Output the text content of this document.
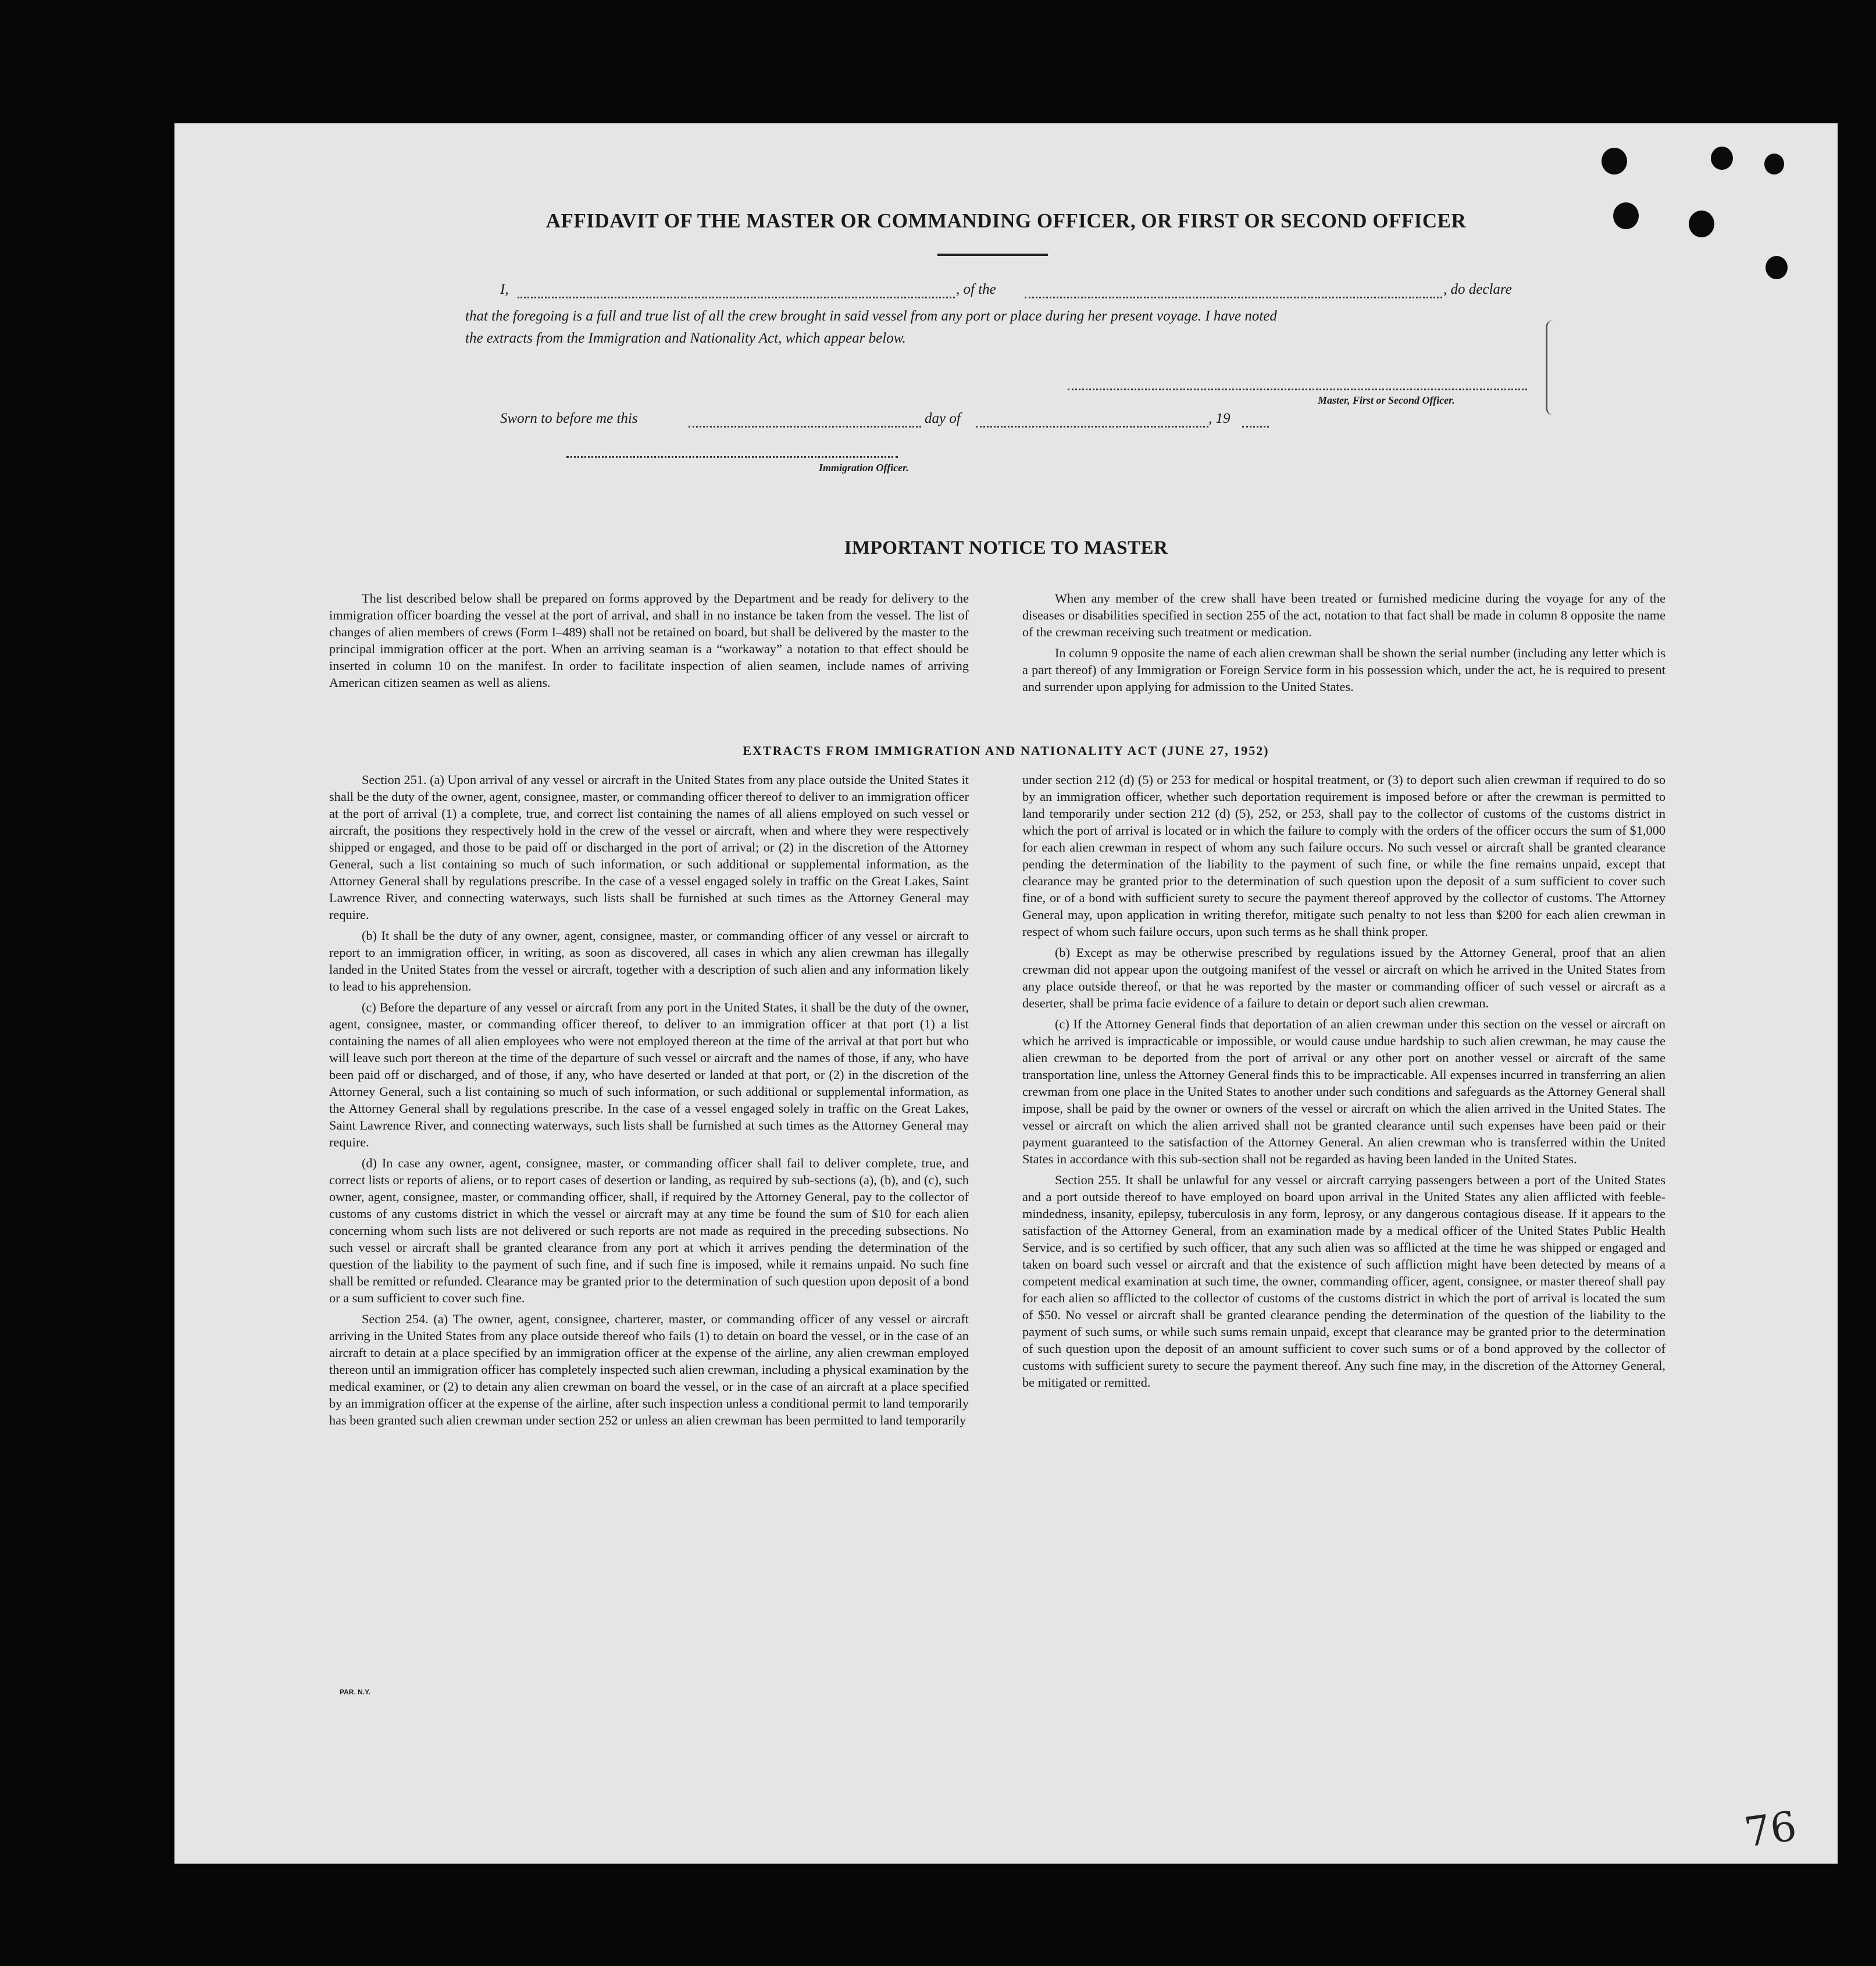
AFFIDAVIT OF THE MASTER OR COMMANDING OFFICER, OR FIRST OR SECOND OFFICER
I,	, of the	, do declare
that the foregoing is a full and true list of all the crew brought in said vessel from any port or place during her present voyage. I have noted
the extracts from the Immigration and Nationality Act, which appear below.
Master, First or Second Officer.
Sworn to before me this	day of	, 19
Immigration Officer.
IMPORTANT NOTICE TO MASTER

The list described below shall be prepared on forms approved by the Department and be ready for delivery to the immigration officer boarding the vessel at the port of arrival, and shall in no instance be taken from the vessel. The list of changes of alien members of crews (Form I–489) shall not be retained on board, but shall be delivered by the master to the principal immigration officer at the port. When an arriving seaman is a “workaway” a notation to that effect should be inserted in column 10 on the manifest. In order to facilitate inspection of alien seamen, include names of arriving American citizen seamen as well as aliens.

When any member of the crew shall have been treated or furnished medicine during the voyage for any of the diseases or disabilities specified in section 255 of the act, notation to that fact shall be made in column 8 opposite the name of the crewman receiving such treatment or medication.

In column 9 opposite the name of each alien crewman shall be shown the serial number (including any letter which is a part thereof) of any Immigration or Foreign Service form in his possession which, under the act, he is required to present and surrender upon applying for admission to the United States.

EXTRACTS FROM IMMIGRATION AND NATIONALITY ACT (JUNE 27, 1952)

Section 251. (a) Upon arrival of any vessel or aircraft in the United States from any place outside the United States it shall be the duty of the owner, agent, consignee, master, or commanding officer thereof to deliver to an immigration officer at the port of arrival (1) a complete, true, and correct list containing the names of all aliens employed on such vessel or aircraft, the positions they respectively hold in the crew of the vessel or aircraft, when and where they were respectively shipped or engaged, and those to be paid off or discharged in the port of arrival; or (2) in the discretion of the Attorney General, such a list containing so much of such information, or such additional or supplemental information, as the Attorney General shall by regulations prescribe. In the case of a vessel engaged solely in traffic on the Great Lakes, Saint Lawrence River, and connecting waterways, such lists shall be furnished at such times as the Attorney General may require.

(b) It shall be the duty of any owner, agent, consignee, master, or commanding officer of any vessel or aircraft to report to an immigration officer, in writing, as soon as discovered, all cases in which any alien crewman has illegally landed in the United States from the vessel or aircraft, together with a description of such alien and any information likely to lead to his apprehension.

(c) Before the departure of any vessel or aircraft from any port in the United States, it shall be the duty of the owner, agent, consignee, master, or commanding officer thereof, to deliver to an immigration officer at that port (1) a list containing the names of all alien employees who were not employed thereon at the time of the arrival at that port but who will leave such port thereon at the time of the departure of such vessel or aircraft and the names of those, if any, who have been paid off or discharged, and of those, if any, who have deserted or landed at that port, or (2) in the discretion of the Attorney General, such a list containing so much of such information, or such additional or supplemental information, as the Attorney General shall by regulations prescribe. In the case of a vessel engaged solely in traffic on the Great Lakes, Saint Lawrence River, and connecting waterways, such lists shall be furnished at such times as the Attorney General may require.

(d) In case any owner, agent, consignee, master, or commanding officer shall fail to deliver complete, true, and correct lists or reports of aliens, or to report cases of desertion or landing, as required by sub-sections (a), (b), and (c), such owner, agent, consignee, master, or commanding officer, shall, if required by the Attorney General, pay to the collector of customs of any customs district in which the vessel or aircraft may at any time be found the sum of $10 for each alien concerning whom such lists are not delivered or such reports are not made as required in the preceding subsections. No such vessel or aircraft shall be granted clearance from any port at which it arrives pending the determination of the question of the liability to the payment of such fine, and if such fine is imposed, while it remains unpaid. No such fine shall be remitted or refunded. Clearance may be granted prior to the determination of such question upon deposit of a bond or a sum sufficient to cover such fine.

Section 254. (a) The owner, agent, consignee, charterer, master, or commanding officer of any vessel or aircraft arriving in the United States from any place outside thereof who fails (1) to detain on board the vessel, or in the case of an aircraft to detain at a place specified by an immigration officer at the expense of the airline, any alien crewman employed thereon until an immigration officer has completely inspected such alien crewman, including a physical examination by the medical examiner, or (2) to detain any alien crewman on board the vessel, or in the case of an aircraft at a place specified by an immigration officer at the expense of the airline, after such inspection unless a conditional permit to land temporarily has been granted such alien crewman under section 252 or unless an alien crewman has been permitted to land temporarily

under section 212 (d) (5) or 253 for medical or hospital treatment, or (3) to deport such alien crewman if required to do so by an immigration officer, whether such deportation requirement is imposed before or after the crewman is permitted to land temporarily under section 212 (d) (5), 252, or 253, shall pay to the collector of customs of the customs district in which the port of arrival is located or in which the failure to comply with the orders of the officer occurs the sum of $1,000 for each alien crewman in respect of whom any such failure occurs. No such vessel or aircraft shall be granted clearance pending the determination of the liability to the payment of such fine, or while the fine remains unpaid, except that clearance may be granted prior to the determination of such question upon the deposit of a sum sufficient to cover such fine, or of a bond with sufficient surety to secure the payment thereof approved by the collector of customs. The Attorney General may, upon application in writing therefor, mitigate such penalty to not less than $200 for each alien crewman in respect of whom such failure occurs, upon such terms as he shall think proper.

(b) Except as may be otherwise prescribed by regulations issued by the Attorney General, proof that an alien crewman did not appear upon the outgoing manifest of the vessel or aircraft on which he arrived in the United States from any place outside thereof, or that he was reported by the master or commanding officer of such vessel or aircraft as a deserter, shall be prima facie evidence of a failure to detain or deport such alien crewman.

(c) If the Attorney General finds that deportation of an alien crewman under this section on the vessel or aircraft on which he arrived is impracticable or impossible, or would cause undue hardship to such alien crewman, he may cause the alien crewman to be deported from the port of arrival or any other port on another vessel or aircraft of the same transportation line, unless the Attorney General finds this to be impracticable. All expenses incurred in transferring an alien crewman from one place in the United States to another under such conditions and safeguards as the Attorney General shall impose, shall be paid by the owner or owners of the vessel or aircraft on which the alien arrived in the United States. The vessel or aircraft on which the alien arrived shall not be granted clearance until such expenses have been paid or their payment guaranteed to the satisfaction of the Attorney General. An alien crewman who is transferred within the United States in accordance with this sub-section shall not be regarded as having been landed in the United States.

Section 255. It shall be unlawful for any vessel or aircraft carrying passengers between a port of the United States and a port outside thereof to have employed on board upon arrival in the United States any alien afflicted with feeble-mindedness, insanity, epilepsy, tuberculosis in any form, leprosy, or any dangerous contagious disease. If it appears to the satisfaction of the Attorney General, from an examination made by a medical officer of the United States Public Health Service, and is so certified by such officer, that any such alien was so afflicted at the time he was shipped or engaged and taken on board such vessel or aircraft and that the existence of such affliction might have been detected by means of a competent medical examination at such time, the owner, commanding officer, agent, consignee, or master thereof shall pay for each alien so afflicted to the collector of customs of the customs district in which the port of arrival is located the sum of $50. No vessel or aircraft shall be granted clearance pending the determination of the question of the liability to the payment of such sums, or while such sums remain unpaid, except that clearance may be granted prior to the determination of such question upon the deposit of an amount sufficient to cover such sums or of a bond approved by the collector of customs with sufficient surety to secure the payment thereof. Any such fine may, in the discretion of the Attorney General, be mitigated or remitted.

PAR. N.Y.
76
